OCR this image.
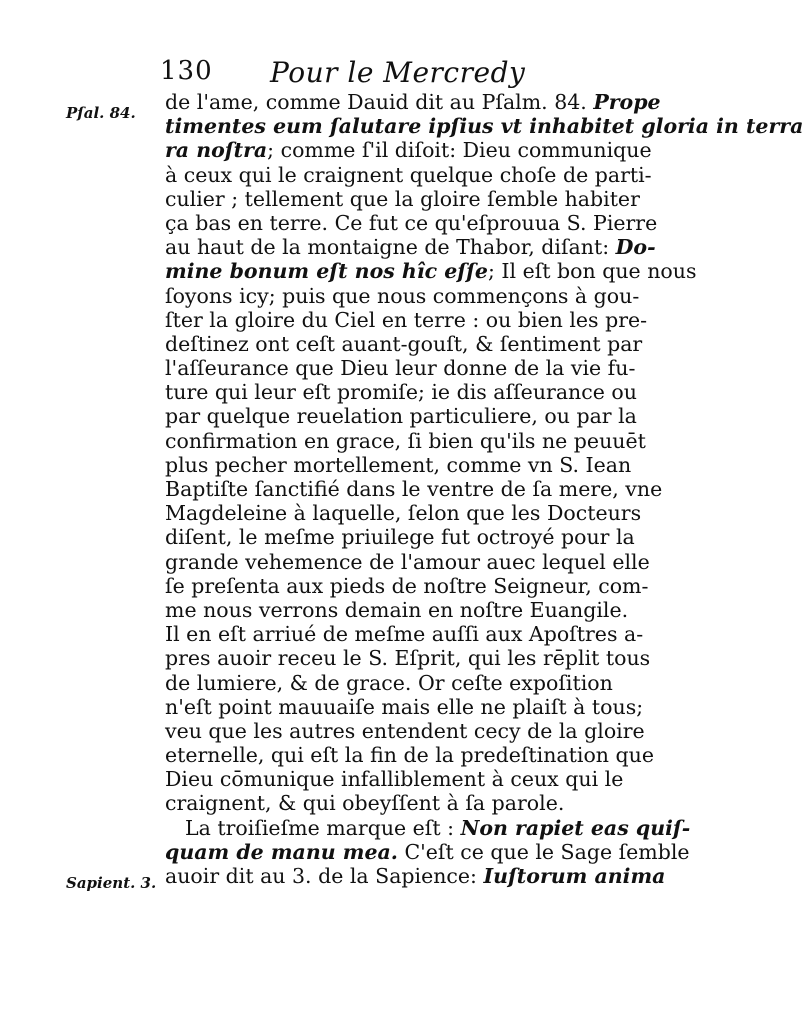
130 Pour le Mercredy
Pſal. 84.
Sapient. 3.
de l'ame, comme Dauid dit au Pſalm. 84. Prope
timentes eum ſalutare ipſius vt inhabitet gloria in terra
ra noſtra; comme ſ'il diſoit: Dieu communique
à ceux qui le craignent quelque choſe de parti-
culier ; tellement que la gloire ſemble habiter
ça bas en terre. Ce fut ce qu'eſprouua S. Pierre
au haut de la montaigne de Thabor, diſant: Do-
mine bonum eſt nos hîc eſſe; Il eſt bon que nous
ſoyons icy; puis que nous commençons à gou-
ſter la gloire du Ciel en terre : ou bien les pre-
deſtinez ont ceſt auant-gouſt, & ſentiment par
l'aſſeurance que Dieu leur donne de la vie fu-
ture qui leur eſt promiſe; ie dis aſſeurance ou
par quelque reuelation particuliere, ou par la
confirmation en grace, ſi bien qu'ils ne peuuēt
plus pecher mortellement, comme vn S. Iean
Baptiſte ſanctifié dans le ventre de ſa mere, vne
Magdeleine à laquelle, ſelon que les Docteurs
diſent, le meſme priuilege fut octroyé pour la
grande vehemence de l'amour auec lequel elle
ſe preſenta aux pieds de noſtre Seigneur, com-
me nous verrons demain en noſtre Euangile.
Il en eſt arriué de meſme auſſi aux Apoſtres a-
pres auoir receu le S. Eſprit, qui les rēplit tous
de lumiere, & de grace. Or ceſte expoſition
n'eſt point mauuaiſe mais elle ne plaiſt à tous;
veu que les autres entendent cecy de la gloire
eternelle, qui eſt la fin de la predeſtination que
Dieu cōmunique infalliblement à ceux qui le
craignent, & qui obeyſſent à ſa parole.
La troiſieſme marque eſt : Non rapiet eas quiſ-
quam de manu mea. C'eſt ce que le Sage ſemble
auoir dit au 3. de la Sapience: Iuſtorum anima
